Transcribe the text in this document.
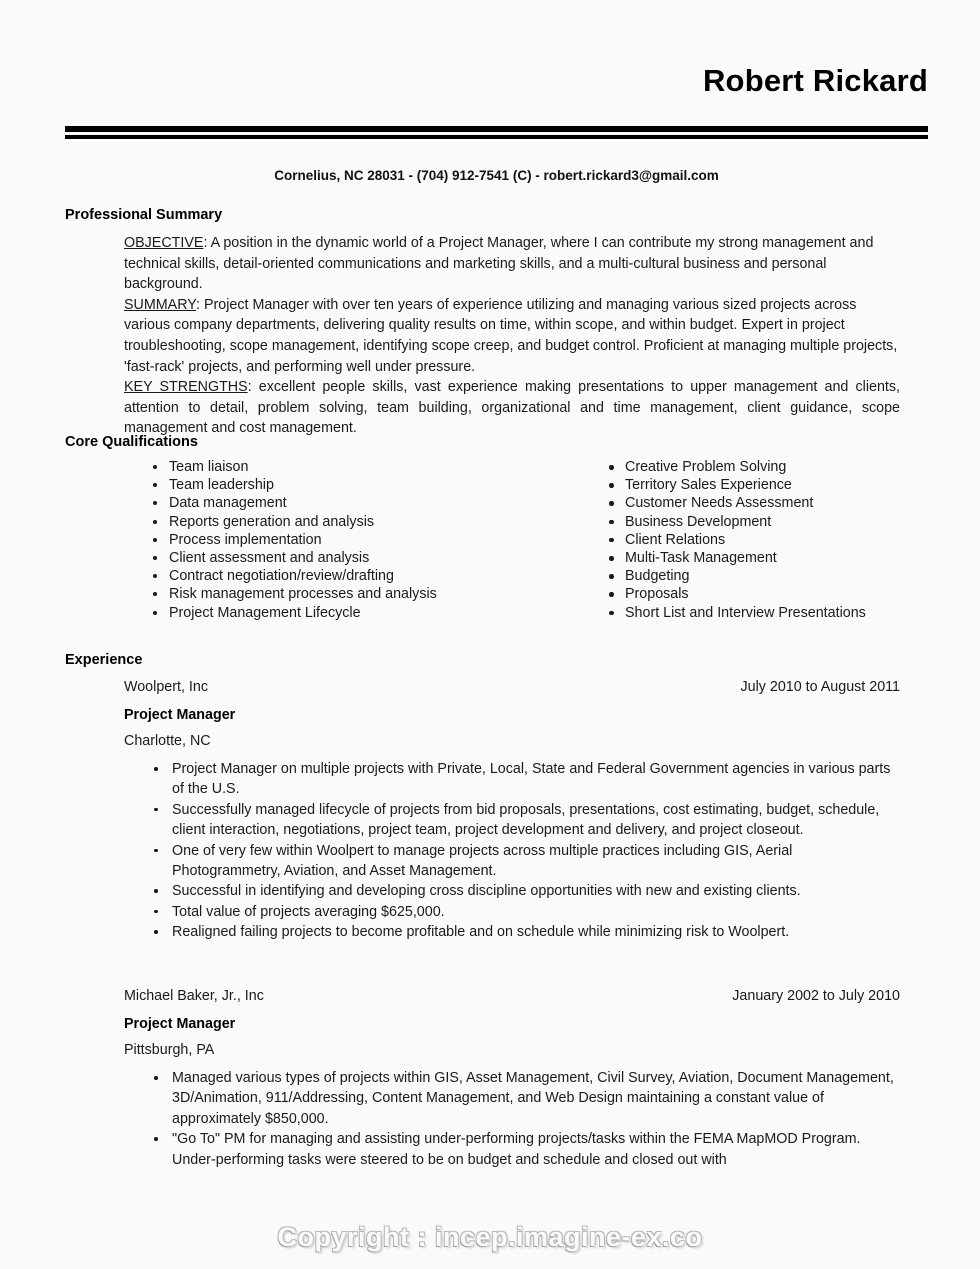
Robert Rickard
Cornelius, NC 28031 - (704) 912-7541 (C) - robert.rickard3@gmail.com
Professional Summary

OBJECTIVE: A position in the dynamic world of a Project Manager, where I can contribute my strong management and technical skills, detail-oriented communications and marketing skills, and a multi-cultural business and personal background.

SUMMARY: Project Manager with over ten years of experience utilizing and managing various sized projects across various company departments, delivering quality results on time, within scope, and within budget. Expert in project troubleshooting, scope management, identifying scope creep, and budget control. Proficient at managing multiple projects, 'fast-rack' projects, and performing well under pressure.

KEY STRENGTHS: excellent people skills, vast experience making presentations to upper management and clients, attention to detail, problem solving, team building, organizational and time management, client guidance, scope management and cost management.

Core Qualifications
Team liaison
Team leadership
Data management
Reports generation and analysis
Process implementation
Client assessment and analysis
Contract negotiation/review/drafting
Risk management processes and analysis
Project Management Lifecycle
Creative Problem Solving
Territory Sales Experience
Customer Needs Assessment
Business Development
Client Relations
Multi-Task Management
Budgeting
Proposals
Short List and Interview Presentations
Experience
Woolpert, Inc	July 2010 to August 2011
Project Manager
Charlotte, NC
Project Manager on multiple projects with Private, Local, State and Federal Government agencies in various parts of the U.S.
Successfully managed lifecycle of projects from bid proposals, presentations, cost estimating, budget, schedule, client interaction, negotiations, project team, project development and delivery, and project closeout.
One of very few within Woolpert to manage projects across multiple practices including GIS, Aerial Photogrammetry, Aviation, and Asset Management.
Successful in identifying and developing cross discipline opportunities with new and existing clients.
Total value of projects averaging $625,000.
Realigned failing projects to become profitable and on schedule while minimizing risk to Woolpert.
Michael Baker, Jr., Inc	January 2002 to July 2010
Project Manager
Pittsburgh, PA
Managed various types of projects within GIS, Asset Management, Civil Survey, Aviation, Document Management, 3D/Animation, 911/Addressing, Content Management, and Web Design maintaining a constant value of approximately $850,000.
"Go To" PM for managing and assisting under-performing projects/tasks within the FEMA MapMOD Program. Under-performing tasks were steered to be on budget and schedule and closed out with
Copyright : incep.imagine-ex.co
